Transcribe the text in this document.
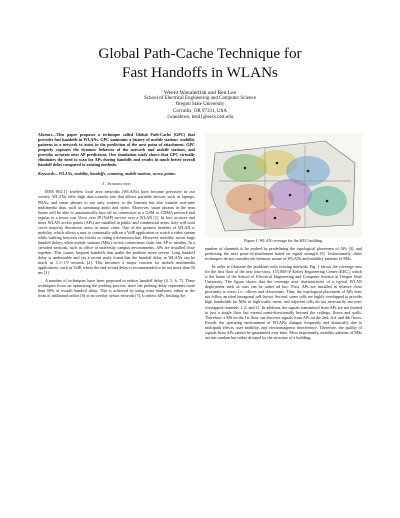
Global Path-Cache Technique for
Fast Handoffs in WLANs
Weetit Wanalertlak and Ben Lee
School of Electrical Engineering and Computer Science
Oregon State University
Corvallis, OR 97331, USA
{wanalewe, benl}@eecs.orst.edu
Abstract—This paper proposes a technique called Global Path-Cache (GPC) that provides fast handoffs in WLANs. GPC maintains a history of mobile stations' mobility patterns in a network to assist in the prediction of the next point of attachment. GPC properly captures the dynamic behavior of the network and mobile stations, and provides accurate next AP predictions. Our simulation study shows that GPC virtually eliminates the need to scan for APs during handoffs and results in much better overall handoff delay compared to existing methods.
Keywords—WLANs, mobility, handoffs, scanning, mobile stations, access points.
I. Introduction

IEEE 802.11 wireless local area networks (WLANs) have become pervasive in our society. WLANs offer high data transfer rate that allows portable devices such as laptops, PDAs, and smart phones to not only connect to the Internet but also transfer real-time multimedia data, such as streaming audio and video. Moreover, smart phones in the near future will be able to automatically turn off its connection to a GSM or CDMA network and regular to a lower cost Voice over IP (VoIP) service over a WLAN [1]. In fact, as more and more WLAN access points (APs) are installed in public and commercial areas, they will soon cover majority downtown areas in many cities. One of the greatest benefits of WLAN is mobility, which allows a user to continually talk on a VoIP application or watch a video stream while walking between city blocks or riding a downtown bus. However, mobility incurs large handoff delays when mobile stations (MSs) switch connections from one AP to another. In a crowded network, such as office or university campus environments, APs are installed close together. This causes frequent handoffs that make the problem more severe. Long handoff delay is undesirable and yet a recent study found that the handoff delay in WLANs can be much as 1.1~1.9 seconds [2]. This becomes a major concern for mobile multimedia applications, such as VoIP, where the end-to-end delay is recommended to be not more than 50 ms [3].

A number of techniques have been proposed to reduce handoff delay [4, 5, 6, 7]. These techniques focus on optimizing the probing process, since the probing delay represents more than 90% of overall handoff delay. This is achieved by using extra hardware, either in the form of additional radios [6] or an overlay sensor network [7], to detect APs, limiting the

Figure 1. WLAN coverage for the KEC building.

number of channels to be probed by predefining the topological placement of APs [4], and predicting the next point-of-attachment based on signal strength [5]. Unfortunately, these techniques do not consider the dynamic nature of WLANs and mobility patterns of MSs.

In order to illustrate the problems with existing methods, Fig. 1 shows the coverage area for the first floor of the new four-story, 153,000-ft² Kelley Engineering Center (KEC), which is the home of the School of Electrical Engineering and Computer Science at Oregon State University. The figure shows that the coverage area characteristics of a typical WLAN deployment such as ours can be rather ad hoc. First, APs are installed in relative close proximity to users, i.e., offices and classrooms. Thus, the topological placement of APs does not follow an ideal hexagonal cell layout. Second, some cells are highly overlapped to provide high bandwidth for MSs in high traffic areas, and adjacent cells do not necessarily use non-overlapped channels 1, 6, and 11. In addition, the signals transmitted from APs are not limited to just a single floor but extend omni-directionally beyond the ceilings, floors and walls. Therefore, a MS on the 1st floor can discover signals from APs on the 2nd, 3rd, and 4th floors. Fourth, the operating environment of WLANs changes frequently and drastically due to multipath effects, user mobility, and electromagnetic interference. Therefore, the quality of signals from APs cannot be guaranteed over time. Most importantly, mobility patterns of MSs are not random but rather dictated by the structure of a building.
